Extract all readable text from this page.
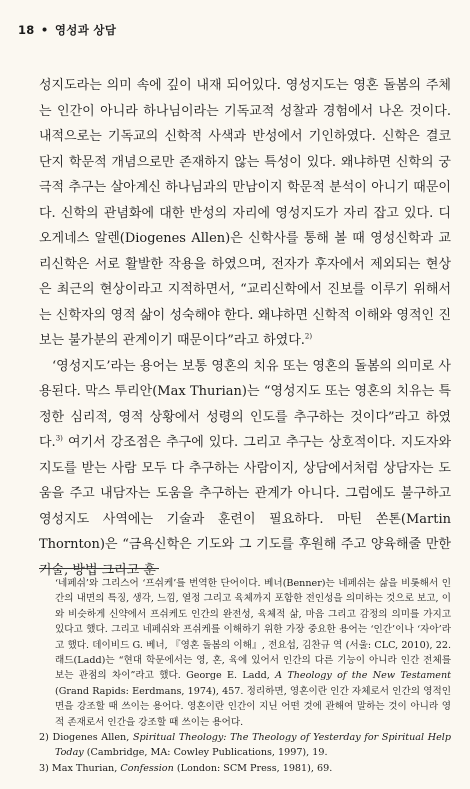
18 • 영성과 상담

성지도라는 의미 속에 깊이 내재 되어있다. 영성지도는 영혼 돌봄의 주체는 인간이 아니라 하나님이라는 기독교적 성찰과 경험에서 나온 것이다. 내적으로는 기독교의 신학적 사색과 반성에서 기인하였다. 신학은 결코 단지 학문적 개념으로만 존재하지 않는 특성이 있다. 왜냐하면 신학의 궁극적 추구는 살아계신 하나님과의 만남이지 학문적 분석이 아니기 때문이다. 신학의 관념화에 대한 반성의 자리에 영성지도가 자리 잡고 있다. 디오게네스 알렌(Diogenes Allen)은 신학사를 통해 볼 때 영성신학과 교리신학은 서로 활발한 작용을 하였으며, 전자가 후자에서 제외되는 현상은 최근의 현상이라고 지적하면서, “교리신학에서 진보를 이루기 위해서는 신학자의 영적 삶이 성숙해야 한다. 왜냐하면 신학적 이해와 영적인 진보는 불가분의 관계이기 때문이다”라고 하였다.$^{2)}$

‘영성지도’라는 용어는 보통 영혼의 치유 또는 영혼의 돌봄의 의미로 사용된다. 막스 투리안(Max Thurian)는 “영성지도 또는 영혼의 치유는 특정한 심리적, 영적 상황에서 성령의 인도를 추구하는 것이다”라고 하였다.$^{3)}$ 여기서 강조점은 추구에 있다. 그리고 추구는 상호적이다. 지도자와 지도를 받는 사람 모두 다 추구하는 사람이지, 상담에서처럼 상담자는 도움을 주고 내담자는 도움을 추구하는 관계가 아니다. 그럼에도 불구하고 영성지도 사역에는 기술과 훈련이 필요하다. 마틴 쏜톤(Martin Thornton)은 “금욕신학은 기도와 그 기도를 후원해 주고 양육해줄 만한 기술, 방법 그리고 훈

‘네페쉬’와 그리스어 ‘프쉬케’를 번역한 단어이다. 베너(Benner)는 네페쉬는 삶을 비롯해서 인간의 내면의 특징, 생각, 느낌, 열정 그리고 육체까지 포함한 전인성을 의미하는 것으로 보고, 이와 비슷하게 신약에서 프쉬케도 인간의 완전성, 육체적 삶, 마음 그리고 감정의 의미를 가지고 있다고 했다. 그리고 네페쉬와 프쉬케를 이해하기 위한 가장 중요한 용어는 ‘인간’이나 ‘자아’라고 했다. 데이비드 G. 베너, 『영혼 돌봄의 이해』, 전요섭, 김찬규 역 (서울: CLC, 2010), 22. 래드(Ladd)는 “현대 학문에서는 영, 혼, 육에 있어서 인간의 다른 기능이 아니라 인간 전체를 보는 관점의 차이”라고 했다. George E. Ladd, A Theology of the New Testament (Grand Rapids: Eerdmans, 1974), 457. 정리하면, 영혼이란 인간 자체로서 인간의 영적인 면을 강조할 때 쓰이는 용어다. 영혼이란 인간이 지닌 어떤 것에 관해여 말하는 것이 아니라 영적 존재로서 인간을 강조할 때 쓰이는 용어다.

2) Diogenes Allen, Spiritual Theology: The Theology of Yesterday for Spiritual Help Today (Cambridge, MA: Cowley Publications, 1997), 19.

3) Max Thurian, Confession (London: SCM Press, 1981), 69.
